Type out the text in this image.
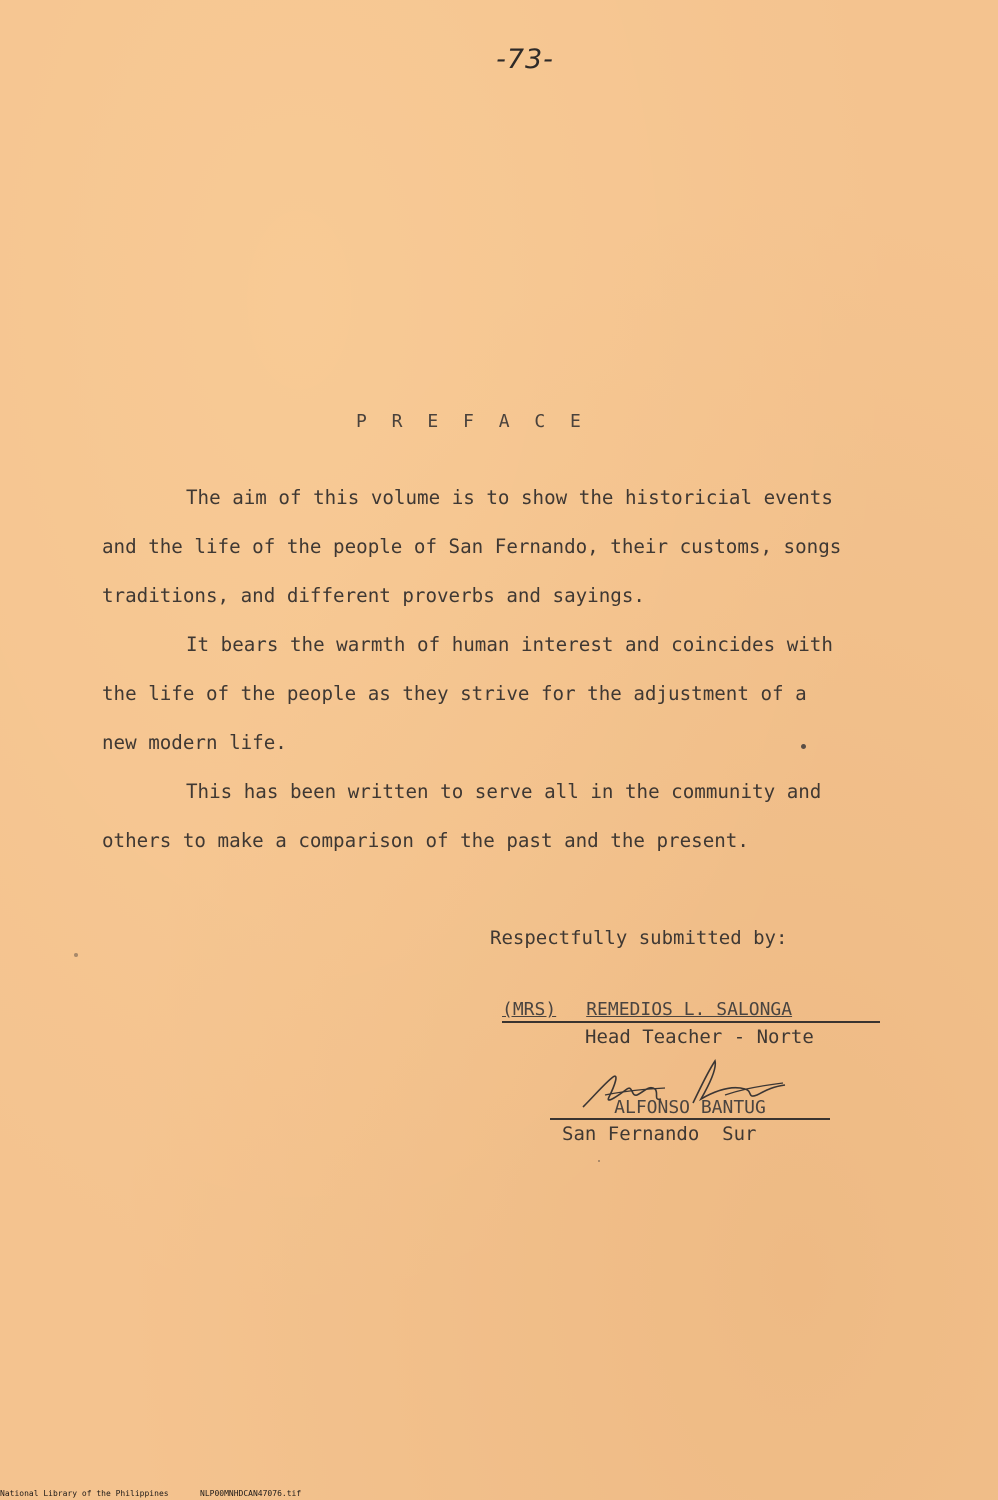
-73-
P R E F A C E
The aim of this volume is to show the historicial events
and the life of the people of San Fernando, their customs, songs
traditions, and different proverbs and sayings.
It bears the warmth of human interest and coincides with
the life of the people as they strive for the adjustment of a
new modern life.
This has been written to serve all in the community and
others to make a comparison of the past and the present.
Respectfully submitted by:
(MRS) REMEDIOS L. SALONGA
Head Teacher - Norte
ALFONSO BANTUG
San Fernando  Sur
National Library of the Philippines	NLP00MNHDCAN47076.tif
